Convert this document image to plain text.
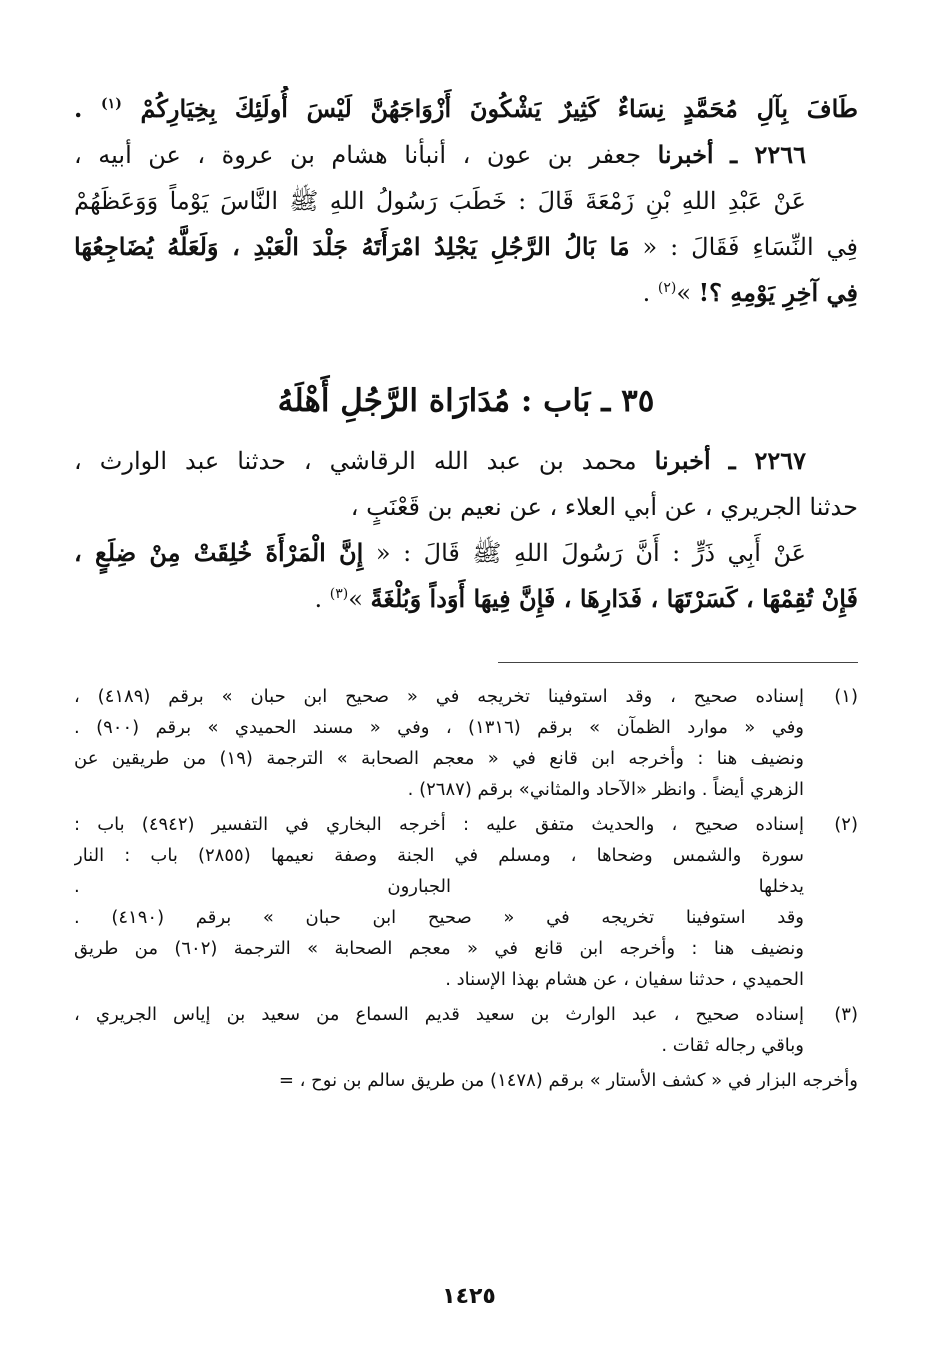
طَافَ بِآلِ مُحَمَّدٍ نِسَاءٌ كَثِيرٌ يَشْكُونَ أَزْوَاجَهُنَّ لَيْسَ أُولَئِكَ بِخِيَارِكُمْ $^{(١)}$ .
٢٢٦٦ ـ أخبرنا جعفر بن عون ، أنبأنا هشام بن عروة ، عن أبيه ،
عَنْ عَبْدِ اللهِ بْنِ زَمْعَةَ قَالَ : خَطَبَ رَسُولُ اللهِ ﷺ النَّاسَ يَوْماً وَوَعَظَهُمْ
فِي النِّسَاءِ فَقَالَ : « مَا بَالُ الرَّجُلِ يَجْلِدُ امْرَأَتَهُ جَلْدَ الْعَبْدِ ، وَلَعَلَّهُ يُضَاجِعُهَا
فِي آخِرِ يَوْمِهِ ؟! »$^{(٢)}$ .
٣٥ ـ بَاب : مُدَارَاة الرَّجُلِ أَهْلَهُ
٢٢٦٧ ـ أخبرنا محمد بن عبد الله الرقاشي ، حدثنا عبد الوارث ،
حدثنا الجريري ، عن أبي العلاء ، عن نعيم بن قَعْنَبٍ ،
عَنْ أَبِي ذَرٍّ : أَنَّ رَسُولَ اللهِ ﷺ قَالَ : « إِنَّ الْمَرْأَةَ خُلِقَتْ مِنْ ضِلَعٍ ،
فَإِنْ تُقِمْهَا ، كَسَرْتَهَا ، فَدَارِهَا ، فَإِنَّ فِيهَا أَوَداً وَبُلْغَةً »$^{(٣)}$ .
(١)
إسناده صحيح ، وقد استوفينا تخريجه في « صحيح ابن حبان » برقم (٤١٨٩) ،
وفي « موارد الظمآن » برقم (١٣١٦) ، وفي « مسند الحميدي » برقم (٩٠٠) .
ونضيف هنا : وأخرجه ابن قانع في « معجم الصحابة » الترجمة (١٩) من طريقين عن
الزهري أيضاً . وانظر «الآحاد والمثاني» برقم (٢٦٨٧) .
(٢)
إسناده صحيح ، والحديث متفق عليه : أخرجه البخاري في التفسير (٤٩٤٢) باب :
سورة والشمس وضحاها ، ومسلم في الجنة وصفة نعيمها (٢٨٥٥) باب : النار
يدخلها الجبارون .
وقد استوفينا تخريجه في « صحيح ابن حبان » برقم (٤١٩٠) .
ونضيف هنا : وأخرجه ابن قانع في « معجم الصحابة » الترجمة (٦٠٢) من طريق
الحميدي ، حدثنا سفيان ، عن هشام بهذا الإسناد .
(٣)
إسناده صحيح ، عبد الوارث بن سعيد قديم السماع من سعيد بن إياس الجريري ،
وباقي رجاله ثقات .
وأخرجه البزار في « كشف الأستار » برقم (١٤٧٨) من طريق سالم بن نوح ، =
١٤٢٥
